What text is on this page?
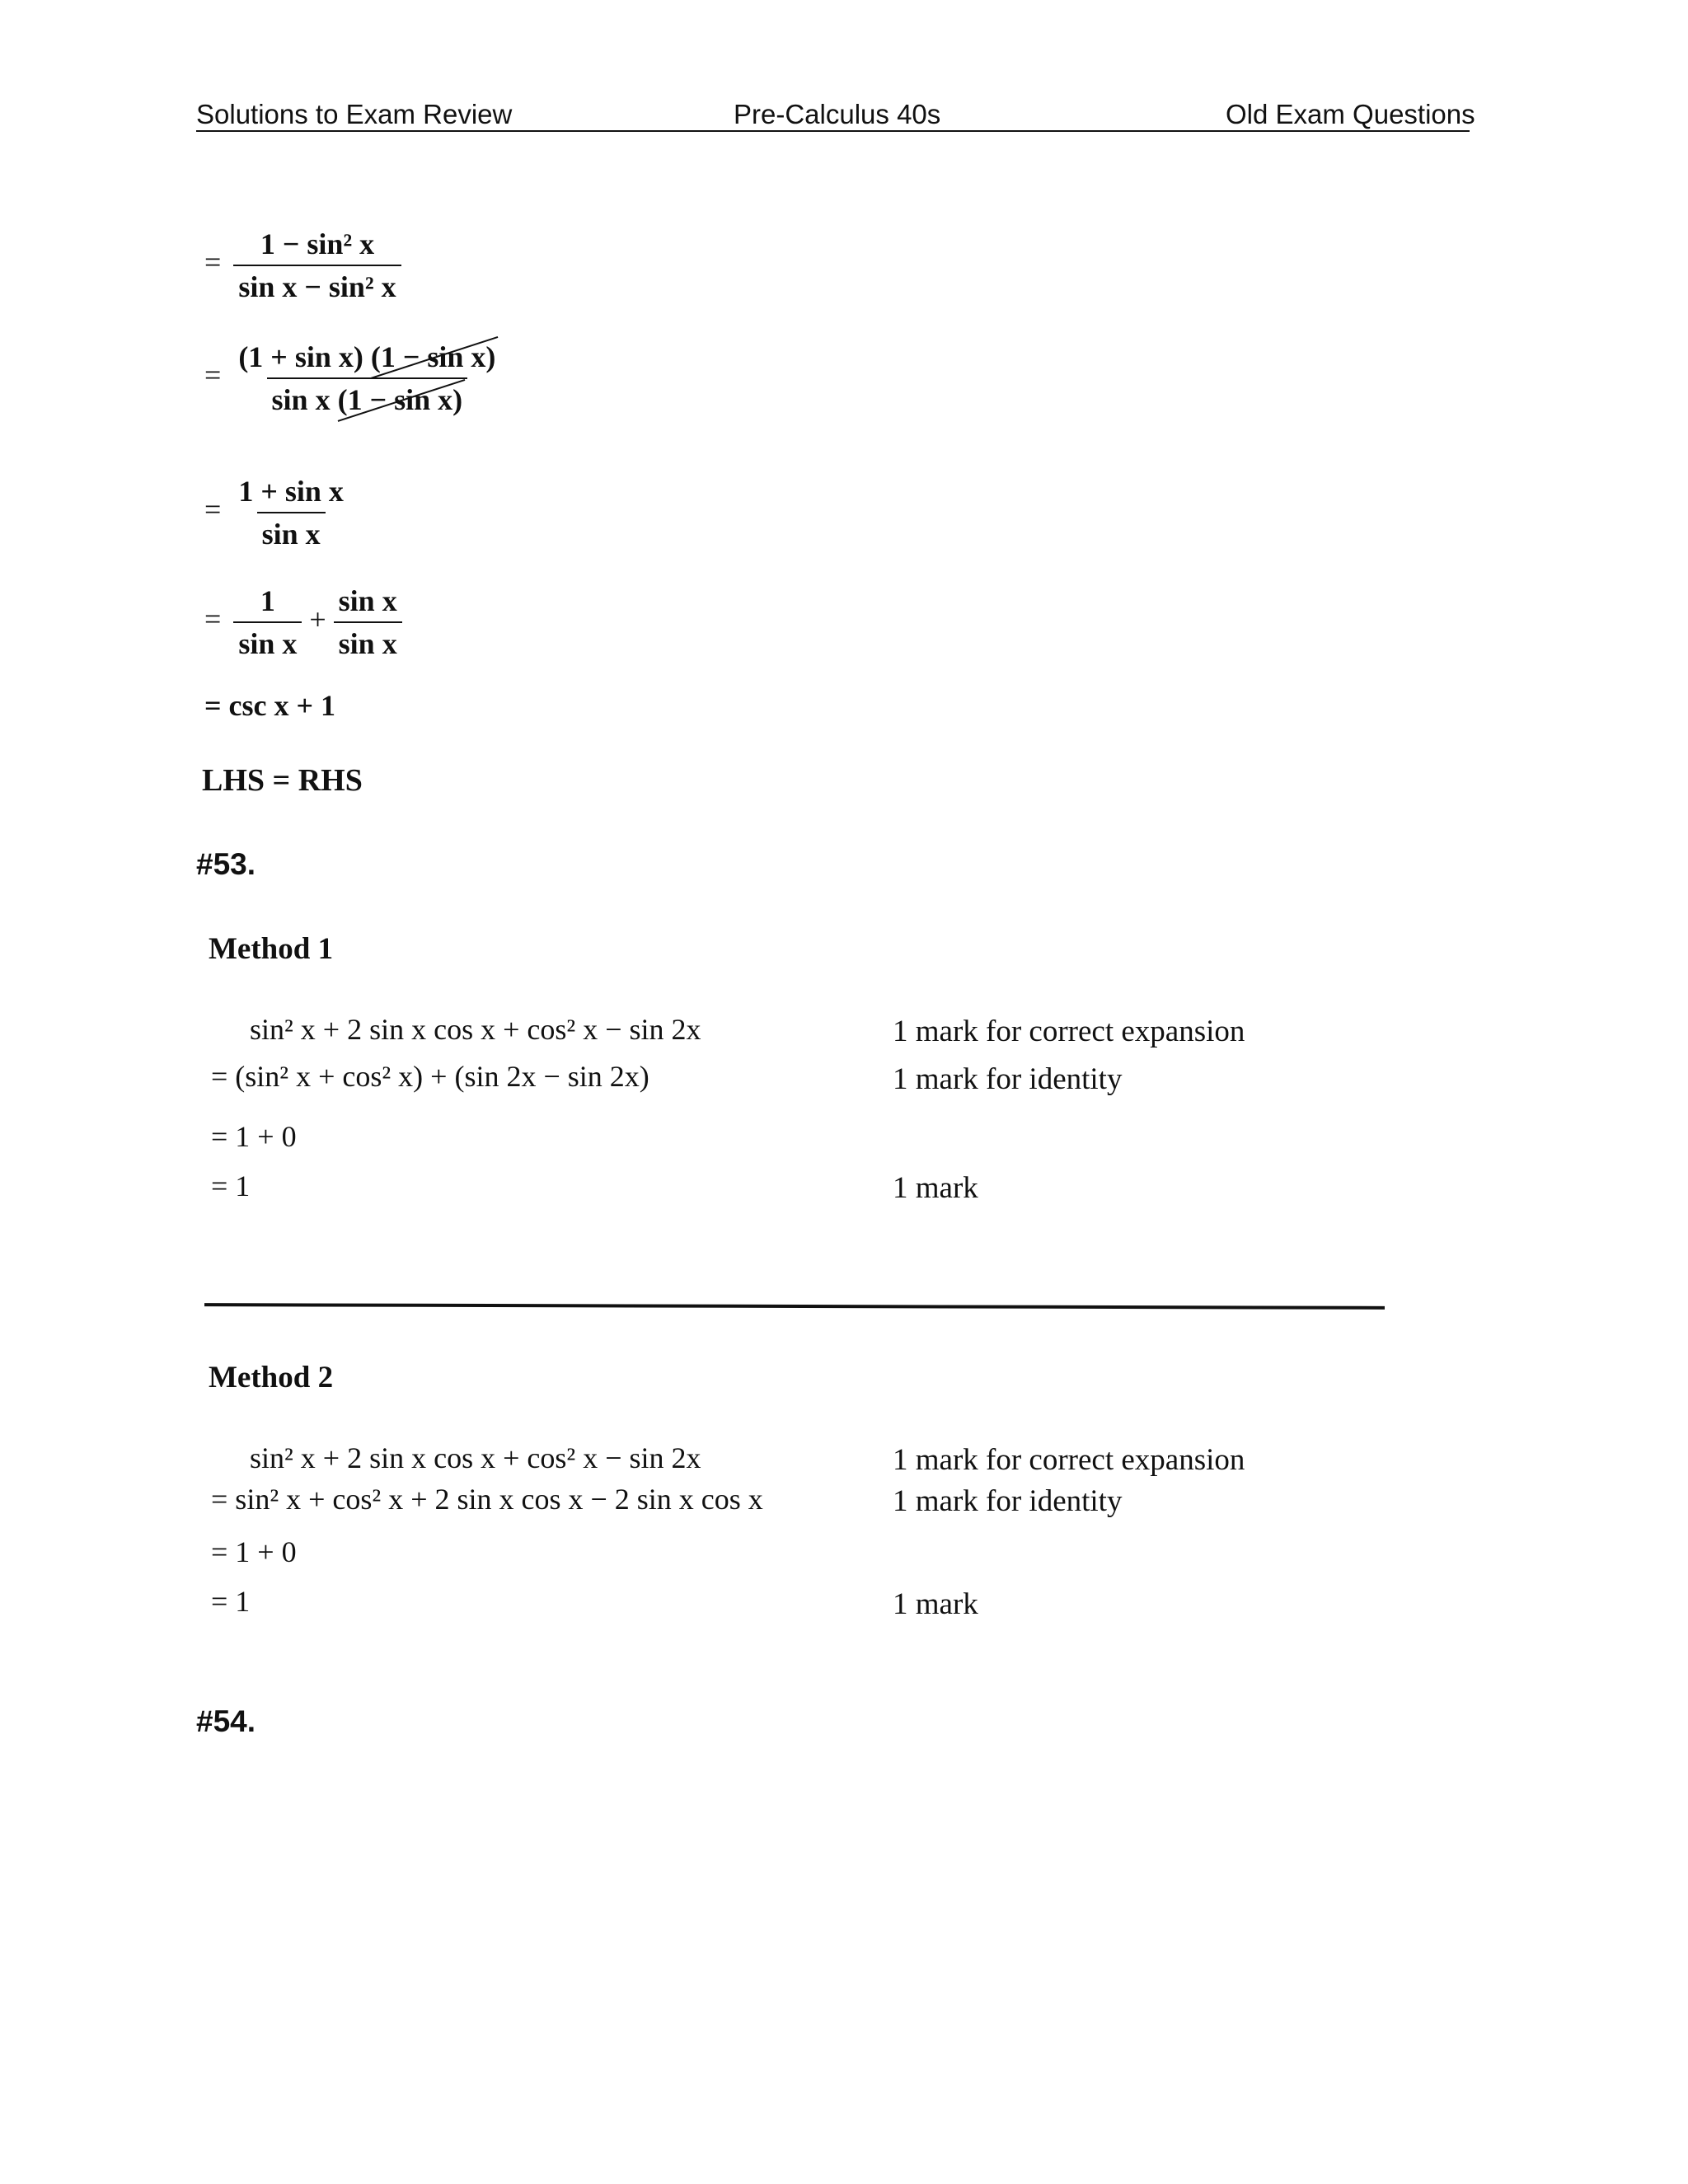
Solutions to Exam Review	Pre-Calculus 40s	Old Exam Questions
= $\frac{\text{1 − sin² x}}{\text{sin x − sin² x}}$
= $\frac{\text{(1 + sin x) (1 − sin x)}}{\text{sin x (1 − sin x)}}$
= $\frac{\text{1 + sin x}}{\text{sin x}}$
= $\frac{1}{\text{sin x}} + \frac{\text{sin x}}{\text{sin x}}$
= csc x + 1
LHS = RHS
#53.
Method 1
sin² x + 2 sin x cos x + cos² x − sin 2x
= (sin² x + cos² x) + (sin 2x − sin 2x)
= 1 + 0
= 1
1 mark for correct expansion
1 mark for identity
1 mark
Method 2
sin² x + 2 sin x cos x + cos² x − sin 2x
= sin² x + cos² x + 2 sin x cos x − 2 sin x cos x
= 1 + 0
= 1
1 mark for correct expansion
1 mark for identity
1 mark
#54.
